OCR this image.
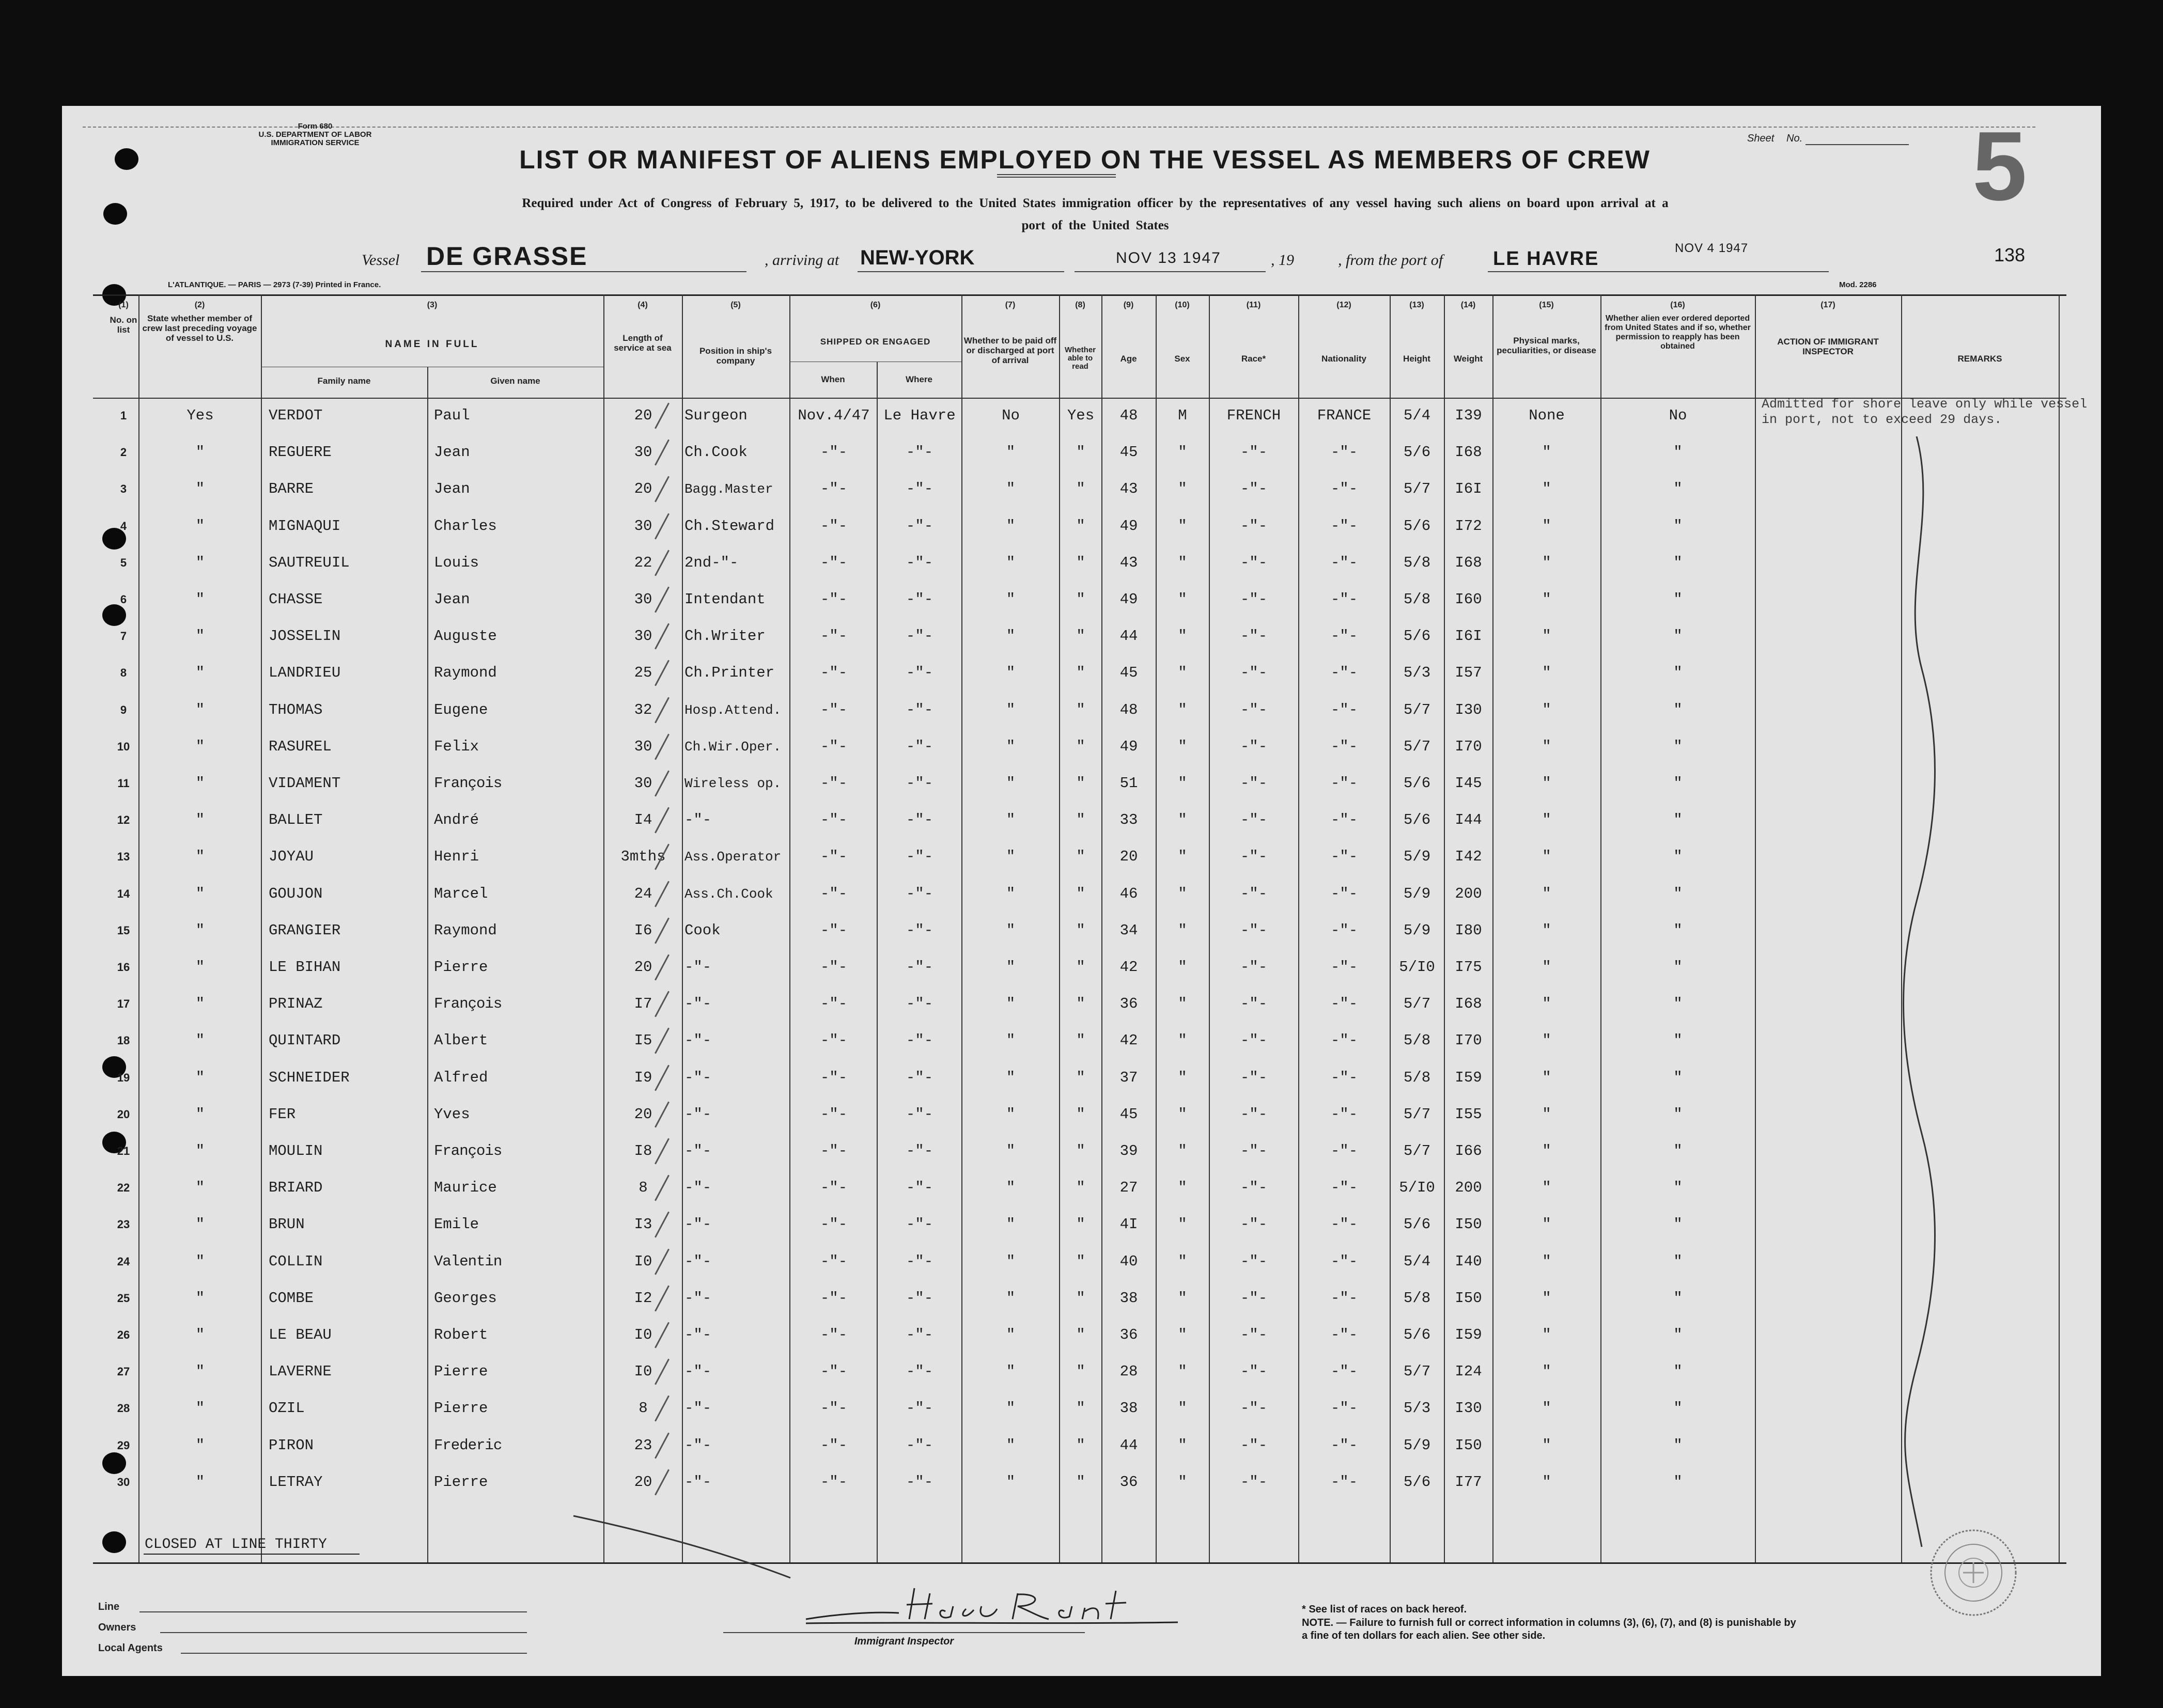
Form 680
U.S. DEPARTMENT OF LABOR
IMMIGRATION SERVICE	Sheet No. 5
LIST OR MANIFEST OF ALIENS EMPLOYED ON THE VESSEL AS MEMBERS OF CREW
Required under Act of Congress of February 5, 1917, to be delivered to the United States immigration officer by the representatives of any vessel having such aliens on board upon arrival at a
port of the United States
Vessel DE GRASSE	, arriving at NEW-YORK	NOV 13 1947	, 19	, from the port of	LE HAVRE	NOV 4 1947	138
L'ATLANTIQUE. — PARIS — 2973 (7-39) Printed in France.	Mod. 2286
(1)	(2)	(3)	(4)	(5)	(6)	(7)	(8)	(9)	(10)	(11)	(12)	(13)	(14)	(15)	(16)	(17)
No. on list
State whether member of crew last preceding voyage of vessel to U.S.
NAME IN FULL
Family name	Given name
Length of service at sea	Position in ship's company
SHIPPED OR ENGAGED
When	Where
Whether to be paid off or discharged at port of arrival
Whether able to read
Age	Sex	Race*	Nationality	Height	Weight
Physical marks, peculiarities, or disease
Whether alien ever ordered deported from United States and if so, whether permission to reapply has been obtained	ACTION OF IMMIGRANT INSPECTOR
REMARKS
1	Yes	VERDOT	Paul	20	Surgeon	Nov.4/47 Le Havre	No	Yes	48	M	FRENCH	FRANCE	5/4	I39	None	No
2	"	REGUERE	Jean	30	Ch.Cook	-"-	-"-	"	"	45	"	-"-	-"-	5/6	I68	"	"
3	"	BARRE	Jean	20	Bagg.Master	-"-	-"-	"	"	43	"	-"-	-"-	5/7	I6I	"	"
4	"	MIGNAQUI	Charles	30	Ch.Steward	-"-	-"-	"	"	49	"	-"-	-"-	5/6	I72	"	"
5	"	SAUTREUIL	Louis	22	2nd-"-	-"-	-"-	"	"	43	"	-"-	-"-	5/8	I68	"	"
6	"	CHASSE	Jean	30	Intendant	-"-	-"-	"	"	49	"	-"-	-"-	5/8	I60	"	"
7	"	JOSSELIN	Auguste	30	Ch.Writer	-"-	-"-	"	"	44	"	-"-	-"-	5/6	I6I	"	"
8	"	LANDRIEU	Raymond	25	Ch.Printer	-"-	-"-	"	"	45	"	-"-	-"-	5/3	I57	"	"
9	"	THOMAS	Eugene	32	Hosp.Attend.	-"-	-"-	"	"	48	"	-"-	-"-	5/7	I30	"	"
10	"	RASUREL	Felix	30	Ch.Wir.Oper.	-"-	-"-	"	"	49	"	-"-	-"-	5/7	I70	"	"
11	"	VIDAMENT	François	30	Wireless op.	-"-	-"-	"	"	51	"	-"-	-"-	5/6	I45	"	"
12	"	BALLET	André	I4	-"-	-"-	-"-	"	"	33	"	-"-	-"-	5/6	I44	"	"
13	"	JOYAU	Henri	3mths	Ass.Operator	-"-	-"-	"	"	20	"	-"-	-"-	5/9	I42	"	"
14	"	GOUJON	Marcel	24	Ass.Ch.Cook	-"-	-"-	"	"	46	"	-"-	-"-	5/9	200	"	"
15	"	GRANGIER	Raymond	I6	Cook	-"-	-"-	"	"	34	"	-"-	-"-	5/9	I80	"	"
16	"	LE BIHAN	Pierre	20	-"-	-"-	-"-	"	"	42	"	-"-	-"-	5/I0	I75	"	"
17	"	PRINAZ	François	I7	-"-	-"-	-"-	"	"	36	"	-"-	-"-	5/7	I68	"	"
18	"	QUINTARD	Albert	I5	-"-	-"-	-"-	"	"	42	"	-"-	-"-	5/8	I70	"	"
19	"	SCHNEIDER	Alfred	I9	-"-	-"-	-"-	"	"	37	"	-"-	-"-	5/8	I59	"	"
20	"	FER	Yves	20	-"-	-"-	-"-	"	"	45	"	-"-	-"-	5/7	I55	"	"
21	"	MOULIN	François	I8	-"-	-"-	-"-	"	"	39	"	-"-	-"-	5/7	I66	"	"
22	"	BRIARD	Maurice	8	-"-	-"-	-"-	"	"	27	"	-"-	-"-	5/I0	200	"	"
23	"	BRUN	Emile	I3	-"-	-"-	-"-	"	"	4I	"	-"-	-"-	5/6	I50	"	"
24	"	COLLIN	Valentin	I0	-"-	-"-	-"-	"	"	40	"	-"-	-"-	5/4	I40	"	"
25	"	COMBE	Georges	I2	-"-	-"-	-"-	"	"	38	"	-"-	-"-	5/8	I50	"	"
26	"	LE BEAU	Robert	I0	-"-	-"-	-"-	"	"	36	"	-"-	-"-	5/6	I59	"	"
27	"	LAVERNE	Pierre	I0	-"-	-"-	-"-	"	"	28	"	-"-	-"-	5/7	I24	"	"
28	"	OZIL	Pierre	8	-"-	-"-	-"-	"	"	38	"	-"-	-"-	5/3	I30	"	"
29	"	PIRON	Frederic	23	-"-	-"-	-"-	"	"	44	"	-"-	-"-	5/9	I50	"	"
30	"	LETRAY	Pierre	20	-"-	-"-	-"-	"	"	36	"	-"-	-"-	5/6	I77	"	"
Admitted for shore leave only while vessel in port, not to exceed 29 days.
CLOSED AT LINE THIRTY
Line
Owners
Local Agents
Immigrant Inspector
* See list of races on back hereof.
NOTE. — Failure to furnish full or correct information in columns (3), (6), (7), and (8) is punishable by a fine of ten dollars for each alien. See other side.
